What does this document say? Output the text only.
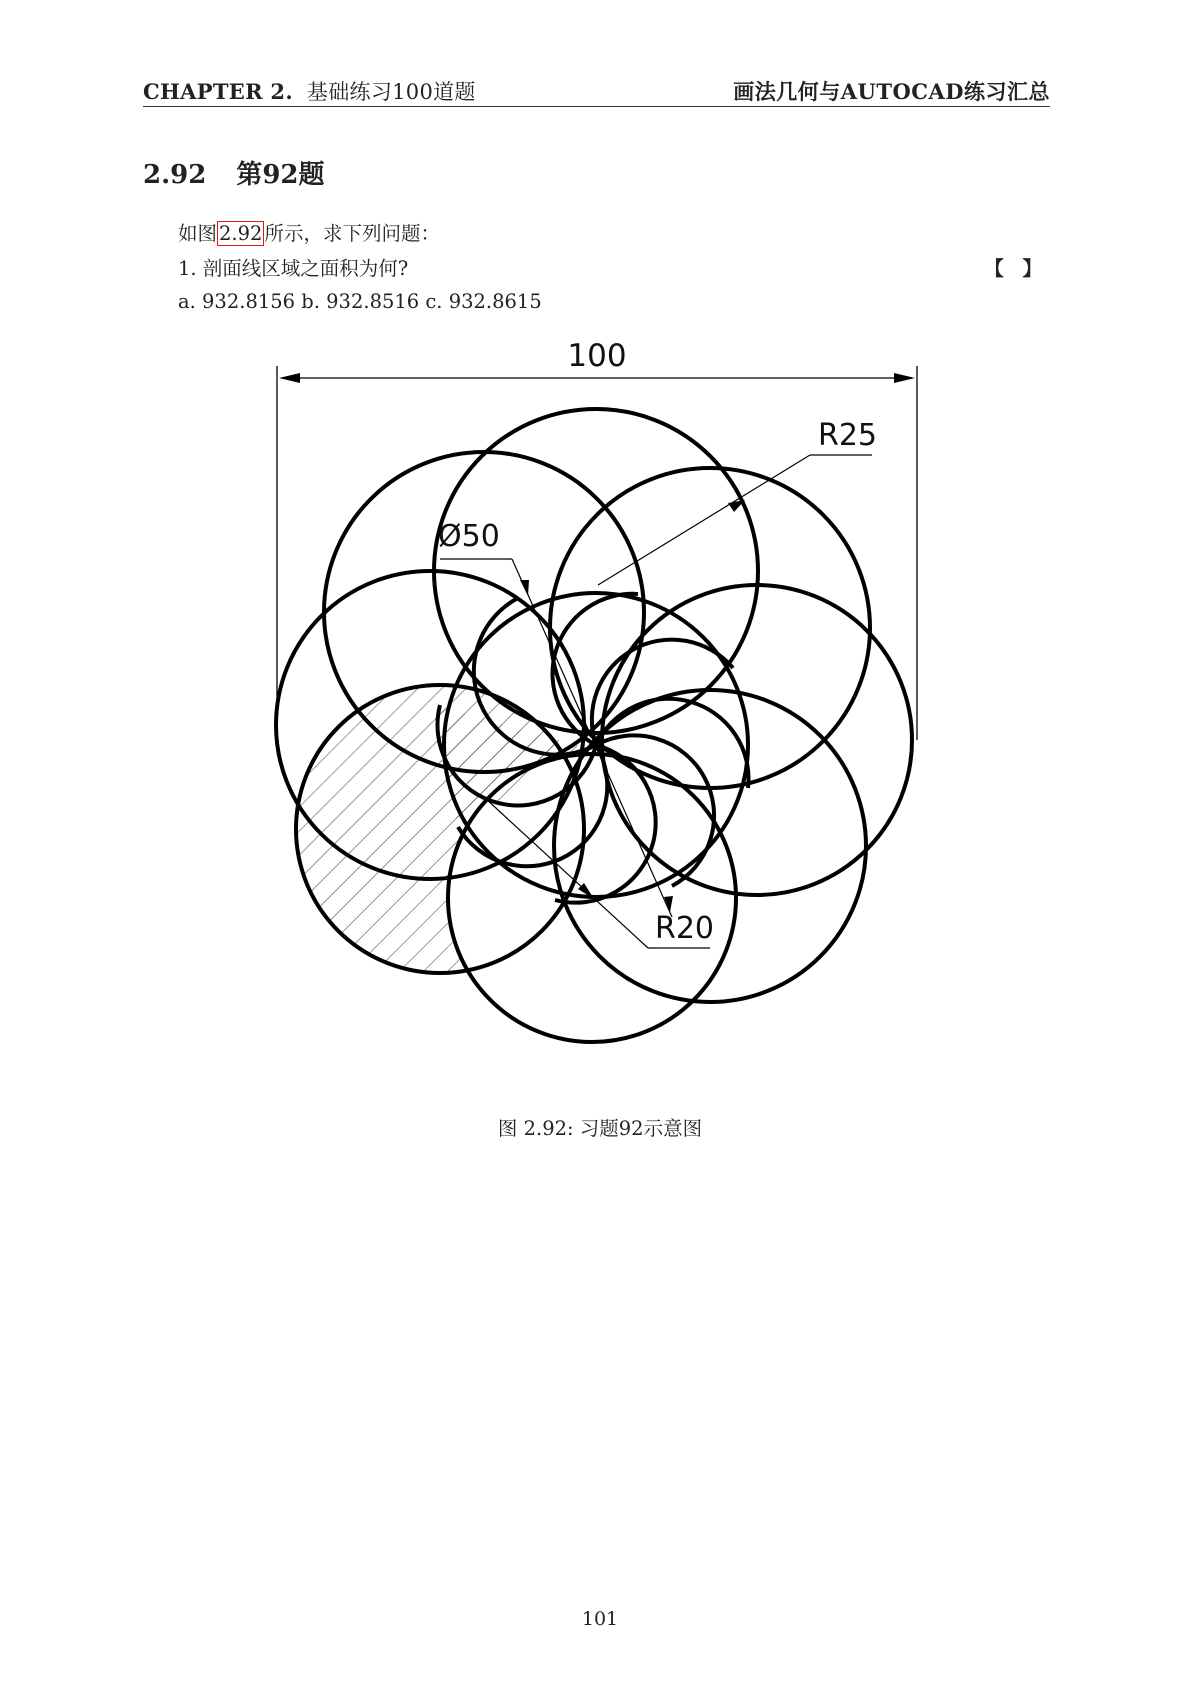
CHAPTER 2. 基础练习100道题	画法几何与AUTOCAD练习汇总
2.92 第92题
如图 2.92 所示，求下列问题：
1. 剖面线区域之面积为何?	【 】
a. 932.8156 b. 932.8516 c. 932.8615
100
R25
Ø50
R20
图 2.92: 习题92示意图
101
